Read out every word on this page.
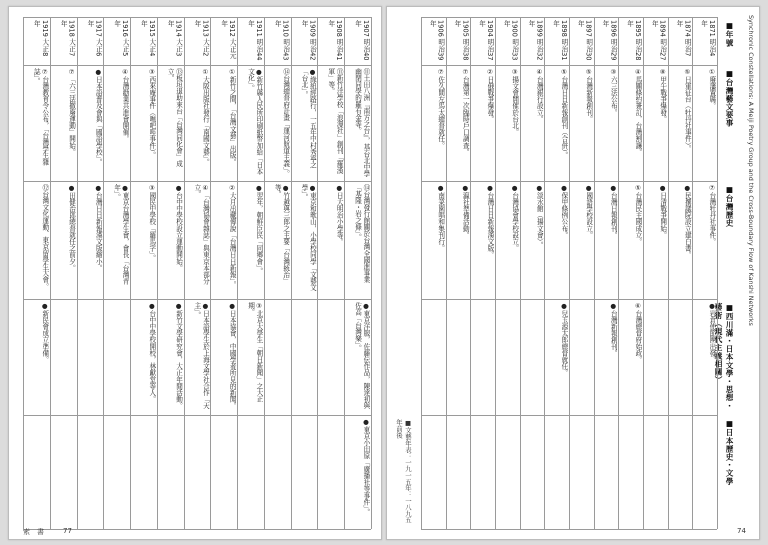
1907 明治40年
⑪土田八洲『南方之台』，基台北中學幽閉同學的羅有金等。
⑭台灣發行館關於台灣全國進事業「基隆・岩之條」。
●東京洋服，佐藤伝作品，陳達初與佐高「台灣樂」。
●東京小田原「廣播社等事件」。
1908 明治41年
⑪新竹洋學校「浪漫社」創刊「羅漢軍」等。
●日大明治小學等。
1909 明治42年
●緣紐經路行，一五年中村秀寧之「台北」。
●東京和歌山，小學校同學「文藝文學」。
1910 明治43年
⑭台灣總督府計畫「運河航道主義」。
●竹越與三郎之主要「台灣統治」等。
1911 明治44年
●新竹縣人民所印刷紙幣加給「日本文化」。
●翌年，朝鮮臣民「同鄉會」。
③北京大學生「朝日新聞」之大正期。
1912 大正元年
①新竹之間，「台灣文藝」出版。
②大月出藏傳說「台灣日日新報」。
●日本協會，中國學者所見的新聞。
1913 大正2年
①大阪出版社發行「南國文藝」。
④「台灣協會雜誌」與東京本部分立。
●日本語學生於上海文學社合作「天主」。
1914 大正3年
⑬板垣退助來台「台灣同化會」成立。
●台中中學校設立運動開始。
●新竹文學研究會，大正年間活動。
1915 大正4年
③西來庵事件（噍吧哖事件）。
③國民中學校「羅馬字」。
●台中中學校開校，林獻堂等人。
1916 大正5年
④台灣勸業共進會開催。
●東京台灣學生會，會長「台灣青年」。
1917 大正6年
●日本語普及會與「國語學校」。
●台灣日日新報漢文版縮小。
1918 大正7年
⑦「六三法撤廢運動」開始。
●田健治郎總督就任之前夕。
1919 大正8年
⑦台灣教育令公布，「台灣學生雜誌」。
⑫台灣文化運動、東京留學生大會。
●新民會成立準備。
索　書	77
Synchronic Constellations: A Meiji Poetry Group and the Cross-Boundary Flow of Kanshi Networks
■年號
■台灣藝文要事
■台灣歷史
■西川滿・日本文學・思想・藝術（現代主義相關）
■日本歷史・文學
1871 明治4年
①廢藩置縣。
⑦台灣牡丹社事件。
●岩倉使節團出發。
1874 明治7年
⑤日軍征台（牡丹社事件）。
●民撰議院設立建白書。
1894 明治27年
⑧甲午戰爭爆發。
●日清戰爭開始。
1895 明治28年
④馬關條約簽訂，台灣割讓。
⑤台灣民主國成立。
⑥台灣總督府始政。
1896 明治29年
③六三法公布。
●台灣日報創刊。
●台灣新報創刊。
1897 明治30年
⑤台灣新報創刊。
●國語學校設立。
1898 明治31年
⑤台灣日日新報創刊（合併）。
●保甲條例公布。
●兒玉源太郎總督就任。
1899 明治32年
④台灣銀行設立。
●淡水館（揚文會）。
1900 明治33年
③揚文會開催於台北。
●台灣協會學校設立。
1904 明治37年
②日俄戰爭爆發。
●台灣日日新報漢文版。
1905 明治38年
⑦台灣第一次臨時戶口調查。
●瀛社準備活動。
1906 明治39年
⑦佐久間左馬太總督就任。
●南菜園唱和集刊行。
■文藝年表：一九一五年：一八九五年前後
74
